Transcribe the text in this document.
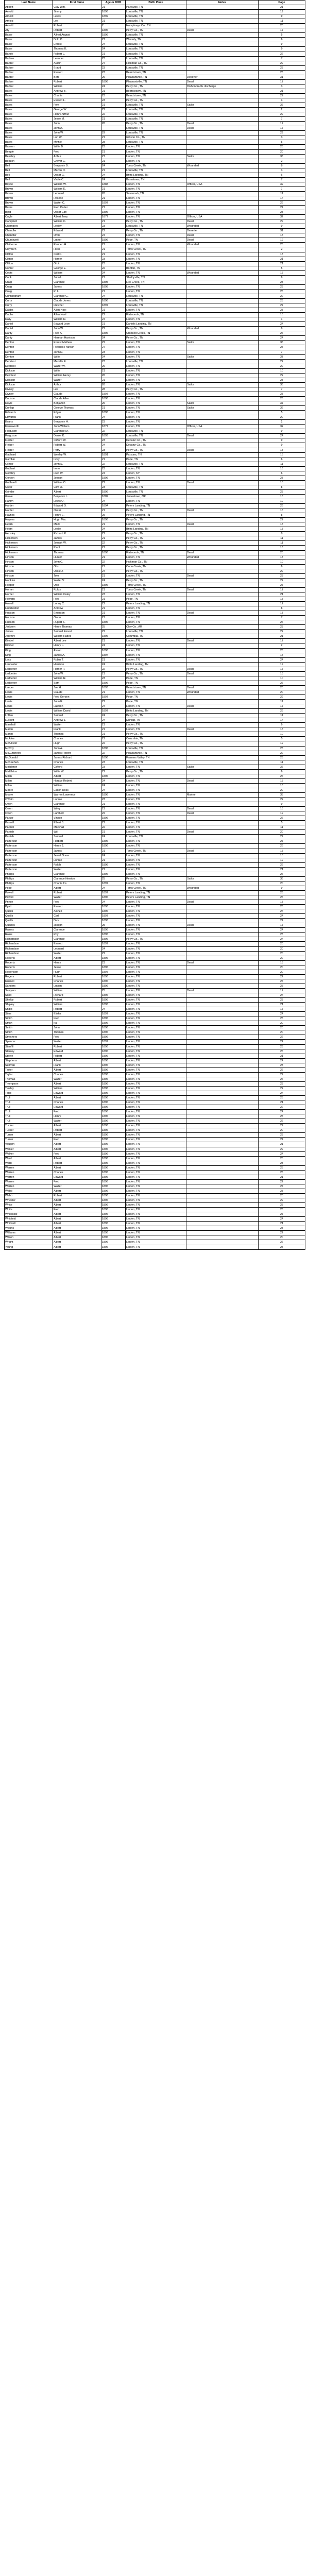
Last Name	First Name	Age or DOB	Birth Place	Notes	Page
Abbott	Clay Wm.	21	Parrsville, TN		21
Arnold	Jimmy	1896	Louisville, TN		19
Arnold	Lewis	1892	Louisville, TN		9
Arnold	Lee	21	Louisville, TN		11
Arnold	Robert	2	Humphreys Co., TN		20
Ary	Robert	1896	Perry Co., TN	Dead	17
Baker	Alfred August	1896	Louisville, TN		5
Baker	Dolo C.	27	Waverly, TN		6
Baker	Ernest	24	Louisville, TN		9
Baker	Thomas E.	24	Louisville, TN		9
Bandy	Robert L.	21	Louisville, TN		22
Barbee	Leander	23	Louisville, TN		7
Barber	Austin	27	Hickman Co., TN		22
Barber	Eraud	23	Louisville, TN		23
Barber	Everett	23	Beardstown, TN		23
Barber	Bert	26	Pleasantville, TN	Deserter	31
Barber	Robert	1896	Pleasantville, TN	Dead	17
Barber	William	24	Perry Co., TN	Dishonorable discharge	3
Bates	Andrew B.	21	Beardstown, TN		21
Bates	Charlie	23	Beardstown, TN		27
Bates	Everett L.	23	Perry Co., TN		3
Bates	Fent	21	Louisville, TN	Sailor	36
Bates	George W.	22	Louisville, TN		2
Bates	Henry Arthur	22	Louisville, TN		22
Bates	Jesse M.	21	Louisville, TN		7
Bates	John	26	Perry Co., TN	Dead	17
Bates	John A.		Louisville, TN	Dead	17
Bates	John W.	29	Louisville, TN		29
Bates	Lon W.	21	Gibson Co., TN		3
Bates	Minnie	28	Louisville, TN		5
Baxson	Willie B.	23	Linden, TN		28
Beagle	Fred	21	Linden, TN		20
Beasley	Arthur	27	Linden, TN	Sailor	36
Beaulin	Grover C.	21	Linden, TN		2
Bell	Benjamin B.	24	Toms Creek, TN	Wounded	8
Bell	Marvin O.	21	Louisville, TN		3
Bell	Oscar G.	24	Britts Landing, TN		6
Bell	Virdie C.	24	Barnstown, TN		7
Boyce	William W.	1888	Linden, TN	Officer, USA	32
Brown	William E.	21	Linden, TN		7
Brown	Leonard	26	Savannah, TN		11
Brown	Roscoe	21	Linden, TN		14
Brown	Walter C.	1897	Linden, TN		26
Burns	Fred Carter	21	Linden, TN		24
Byrd	Oscar Earl	1896	Linden, TN		23
Cagle	Albert Jerry	1877	Linden, TN	Officer, USA	32
Campbell	William C.	21	Perry Co., TN	Dead	29
Chambers	Lesley	23	Louisville, TN	Wounded	9
Chandler	Edward	22	Perry Co., TN	Deserter	31
Chandler	Orbie	24	Linden, TN	Dead	18
Churchwell	Luther	1896	Pope, TN	Dead	19
Claiborne	Reuben H.	21	Linden, TN	Wounded	25
Clayburn	Hicks	21	Toms Creek, TN		2
Clifton	Carl C.	21	Linden, TN		13
Clifton	Homer	23	Linden, TN		21
Clifton	Orbin	23	Linden, TN		21
Comer	George E.	22	Bonton, TN		5
Coots	William	24	Linden, TN	Wounded	15
Cook	John L.	21	Shelbyville, TN		9
Craig	Clarence	1895	Lick Creek, TN		23
Craig	James	1898	Linden, TN		23
Craig	R. L.	21	Linden, TN		26
Cunningham	Clarence G.	24	Louisville, TN		22
Curry	Claude Jones	1896	Louisville, TN		23
Curry	Fletcher	1897	Louisville, TN		27
Dabbs	Allen Noel	21	Linden, TN		23
Dabbs	Allen Noel	22	Flatwoods, TN		18
Daily	William D.	24	Linden, TN		1
Daniel	Edward Loon	21	Daniels Landing, TN		24
Daniel	John W.	22	Perry Co., TN	Wounded	9
Darity	Fred A.	1896	Crooked Creek, TN		26
Darity	Herman Harrison	24	Perry Co., TN		24
Denton	Ernest Mathew	22	Linden, TN	Sailor	36
Denton	Fredrick Franklin	27	Linden, TN		25
Denton	John D.	23	Linden, TN		7
Denton	Willie	24	Linden, TN	Sailor	37
Depriest	Merville E.	23	Louisville, TN		22
Depriest	Walter W.	26	Linden, TN		22
Dickson	Willie	21	Linden, TN		10
DePriest	William Henry	26	Linden, TN		22
Dickson	Walter	21	Linden, TN		23
Dickson	Arthur	26	Linden, TN	Sailor	36
Divney	Lee	28	Perry Co., TN		7
Divney	Claude	1897	Linden, TN		23
Dodson	Claude Allen	1896	Linden, TN		26
Doyle	Benjamin	26	Linden, TN	Sailor	37
Dunlap	George Thomas	21	Linden, TN	Sailor	36
Edwards	Edgar	1896	Linden, TN		5
Edwards	Frank	24	Linden, TN		20
Evans	Benjamin H.	23	Linden, TN		2
Farnsworth	John William	1877	Linden, TN	Officer, USA	32
Ferguson	Clarence M.	22	Louisville, TN		9
Ferguson	Daniel K.	1893	Louisville, TN	Dead	24
Fielder	Clifford W.	23	Decatur Co., TN		9
Fielder	Robert W.	24	Decatur Co., TN		9
Fielder	Perry	23	Perry Co., TN	Dead	18
Gabbard	Wesley W.	1891	Parsons, TN		15
Gamble	Ivory	21	Pope, TN		6
Gilmer	John S.	22	Louisville, TN		11
Gobbert	Irene	23	Linden, TN		16
Godfrey	Fred W.	24	Linden, KY		6
Gordon	Joseph	1896	Linden, TN		27
Gotthardt	William O.	22	Linden, TN	Dead	18
Greer	Clint O.	23	Louisville, TN		8
Grinder	Albert	1896	Louisville, TN		23
Grove	Benjamin L.	1889	Jamestown, OK		15
Hamm	Lewis O.	24	Linden, TN		10
Harder	Edward G.	1894	Peters Landing, TN		26
Harder	Oscar	21	Perry Co., TN	Dead	18
Haynes	Henry E.	25	Peters Landing, TN		8
Haynes	Hugh Mac	1896	Perry Co., TN		27
Hearn	Mark	21	Linden, TN	Dead	18
Heath	Leslie	24	Britts Landing, TN		13
Hensley	Richard R.	22	Perry Co., TN		8
Hickerson	James	21	Perry Co., TN		11
Hickerson	Joseph W.	22	Perry Co., TN		11
Hickerson	Plant	21	Perry Co., TN		13
Hickerson	Thomas	1896	Flatwoods, TN	Dead	20
Hinson	Hunter	21	Linden, TN	Wounded	13
Hinson	John C.	22	Hickman Co., TN		10
Hinson	Otis	21	Coon Creek, TN		6
Hinson	Ossie J.	24	Perry Co., TN		22
Hinson	Tom	21	Linden, TN	Dead	23
Hopkins	Walter V.	24	Perry Co., TN		22
Hopper	Otto	1896	Toms Creek, TN		27
Horner	Rufus	21	Toms Creek, TN	Dead	17
Horner	William Coley	23	Linden, TN		21
Howard	Fred	21	Pope, TN		18
Howell	Lonny C.	22	Peters Landing, TN		12
Huddleston	Andrew	21	Linden, TN		8
Hudson	Emerson	21	Linden, TN	Dead	17
Hudson	Oscar	21	Linden, TN		7
Hudson	Rupert S.	1896	Linden, TN		26
Jackson	Henry Thomas	25	Clay Co., AR		23
James	Samuel Ernest	22	Louisville, TN		22
Journey	William Hazes	1896	Columbia, TN		21
Kimbel	Albert Lee	21	Linden, TN	Dead	17
Kimbel	Henry L.	24	Linden, TN		2
King	Almon	1896	Linden, TN		26
King	James A.	1894	Linden, TN		15
Lacy	Robin T.	21	Linden, TN		24
Lancaster	Harrison	24	Britts Landing, TN		19
Ledbetter	Homer P.	22	Perry Co., TN	Dead	17
Ledbetter	John W.	21	Perry Co., TN	Dead	18
Ledbetter	William R.	23	Pope, TN		10
Ledbetter	Sam	1896	Pope, TN		26
Leeper	Joe H.	1893	Beardstown, TN	Dead	20
Lewis	Claude	21	Linden, TN	Wounded	20
Lewis	Fred Gordon	1897	Pope, TN		29
Lewis	John E.	22	Pope, TN		11
Lewis	Lawson	24	Linden, TN	Dead	17
Lewis	William David	1897	Britts Landing, TN		26
Loften	Samuel	24	Perry Co., TN		11
Luckett	Andrew J.	24	Dunlap, TN		14
Marshall	Walter	21	Linden, TN		9
Martin	Frank	21	Linden, TN	Dead	18
Martin	Thomas	21	Perry Co., TN		10
McAfee	Charles	21	Columbia, TN		5
McAllister	Hugh	22	Perry Co., TN		12
McCoy	John A.	1896	Louisville, TN		23
McCutcheon	James Robert	22	Pleasantville, TN		22
McDonald	James Richard	1896	Farmers Valley, TN		23
McKeehan	Charles	23	Louisville, TN		11
Middleton	Clifford	23	Linden, TN	Sailor	36
Middleton	Willie W.	22	Perry Co., TN		6
Milan	Albert	1896	Linden, TN		26
Milan	Horace Robert	24	Linden, TN	Dead	18
Milan	William	24	Linden, TN		18
Moore	Eason Ross	24	Linden, TN		20
Moore	Warren Lawrence	1896	Linden, TN	Marine	35
O'Cain	Lonnie	23	Linden, TN		22
Owen	Clarence	21	Linden, TN		9
Owen	Wiley	21	Linden, TN	Dead	18
Owen	Lambert	22	Linden, TN	Dead	19
Parker	Vinson	1896	Linden, TN		26
Parnell	Elbert B.	22	Linden, TN		5
Parnell	Marshall	22	Linden, TN		11
Parrish	Will	21	Linden, TN	Dead	20
Parrish	Samuel	24	Louisville, TN		27
Patterson	Herbert	1896	Linden, TN		27
Patterson	Henry J.	1896	Linden, TN		26
Patterson	James	21	Toms Creek, TN	Dead	18
Patterson	Jewell Snow	24	Linden, TN		18
Patterson	Lonnie	21	Linden, TN		12
Patterson	Ralph	1896	Linden, TN		26
Patterson	Walter	21	Linden, TN		21
Phillips	Clarence	1896	Linden, TN		26
Phillips	Clarence Newton	25	Perry Co., TN	Sailor	36
Phillips	Charlie Ira	1897	Linden, TN		20
Pope	Albert	24	Toms Creek, TN	Wounded	9
Powell	Robert	1897	Peters Landing, TN		26
Powell	Walter	1896	Peters Landing, TN		26
Prince	Fred	24	Linden, TN	Dead	17
Pyatt	Everett	1896	Linden, TN		26
Qualls	Alonzo	1896	Linden, TN		24
Qualls	Carl	1897	Linden, TN		24
Qualls	Dick	1896	Linden, TN		24
Quarles	Joseph	25	Linden, TN	Dead	17
Raines	Clarence	1896	Linden, TN		24
Rains	Roy	1896	Linden, TN		23
Richardson	Clarence	1896	Perry Co., TN		24
Richardson	Everett	1897	Linden, TN		20
Richardson	Leonard	24	Linden, TN		20
Richardson	Walter	22	Linden, TN		20
Roberts	Albert	1896	Linden, TN		22
Roberts	Henry	23	Linden, TN	Dead	18
Roberts	Jesse	1896	Linden, TN		20
Robertson	Hugh	1897	Linden, TN		20
Rogers	Robert	1896	Linden, TN		22
Russell	Charles	1896	Linden, TN		24
Sanders	Lucian	1896	Linden, TN		25
Sawyers	William	25	Linden, TN	Dead	17
Scott	Richard	1896	Linden, TN		24
Shelby	Robert	1896	Linden, TN		23
Shipley	William	1896	Linden, TN		21
Shipp	Robert	24	Linden, TN		17
Sims	Elisha	1897	Linden, TN		24
Smith	Fred	1896	Linden, TN		25
Smith	Ira	1896	Linden, TN		20
Smith	John	1896	Linden, TN		20
Smith	Thomas	1896	Linden, TN		20
Smothers	Fred	1896	Linden, TN		22
Spencer	Walter	1897	Linden, TN		24
Stanfill	Robert	1896	Linden, TN		23
Stanley	Edward	1896	Linden, TN		26
Steele	Robert	1896	Linden, TN		21
Stephens	Albert	1896	Linden, TN		24
Sullivan	Frank	1896	Linden, TN		23
Taylor	Albert	1896	Linden, TN		26
Taylor	Charles	1896	Linden, TN		27
Thomas	Walter	1896	Linden, TN		26
Thompson	Albert	1896	Linden, TN		23
Tinsley	William	1896	Linden, TN		22
Todd	Edward	1896	Linden, TN		24
Trull	Albert	1896	Linden, TN		25
Trull	Charles	1896	Linden, TN		21
Trull	Edward	1896	Linden, TN		22
Trull	Fred	1896	Linden, TN		24
Trull	Henry	1896	Linden, TN		25
Trull	Walter	1896	Linden, TN		26
Tucker	Albert	1896	Linden, TN		27
Tucker	Robert	1896	Linden, TN		20
Turner	Albert	1896	Linden, TN		23
Turner	Fred	1896	Linden, TN		24
Vaughn	Albert	1896	Linden, TN		21
Walker	Albert	1896	Linden, TN		22
Walker	Fred	1896	Linden, TN		24
Ward	Albert	1896	Linden, TN		20
Ward	Robert	1896	Linden, TN		23
Warren	Albert	1896	Linden, TN		25
Warren	Charles	1896	Linden, TN		26
Warren	Edward	1896	Linden, TN		21
Warren	Fred	1896	Linden, TN		22
Warren	Walter	1896	Linden, TN		24
Webb	Albert	1896	Linden, TN		23
Webb	Robert	1896	Linden, TN		20
Wheeler	Albert	1896	Linden, TN		22
White	Albert	1896	Linden, TN		25
White	Fred	1896	Linden, TN		26
Whiteside	Albert	1896	Linden, TN		27
Whitfield	Albert	1896	Linden, TN		24
Whitwell	Albert	1896	Linden, TN		21
Wilkins	Albert	1896	Linden, TN		23
Williams	Albert	1896	Linden, TN		22
Wilson	Albert	1896	Linden, TN		20
Wright	Albert	1896	Linden, TN		26
Young	Albert	1896	Linden, TN		25
